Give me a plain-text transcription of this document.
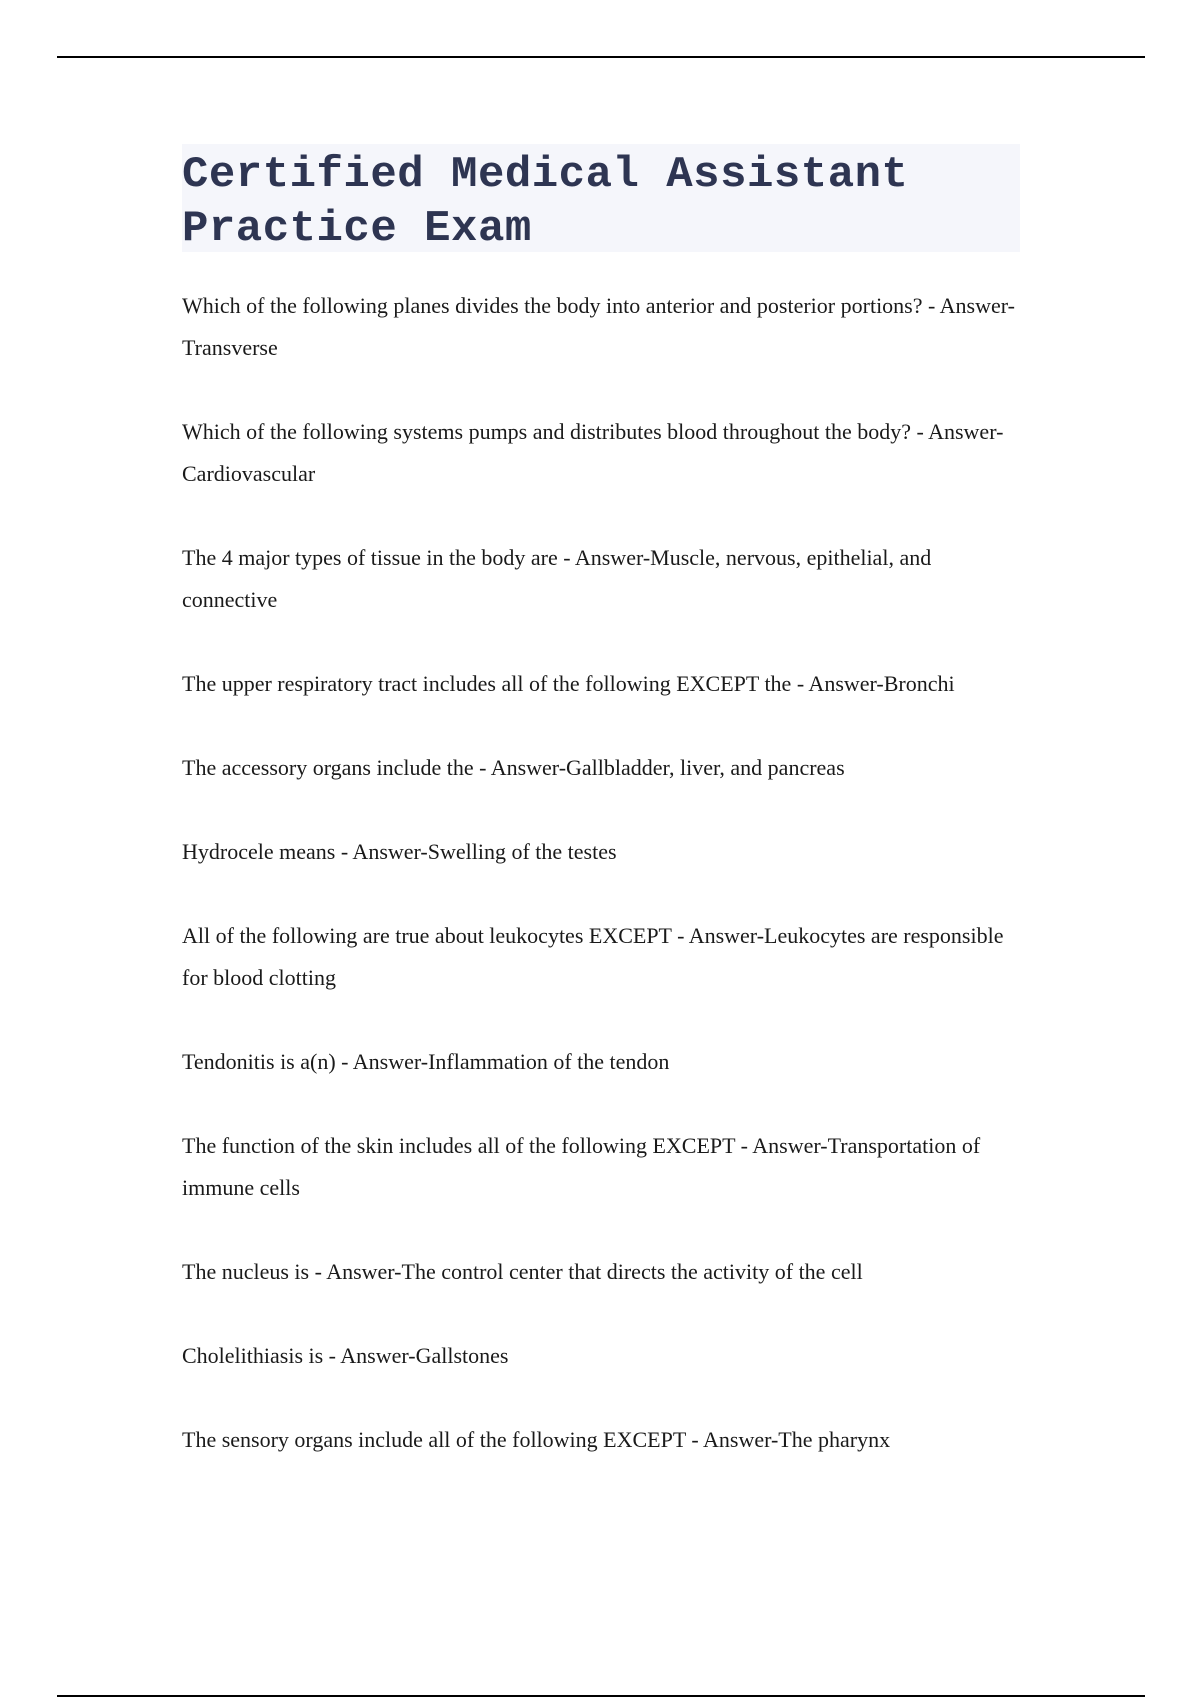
Certified Medical Assistant
Practice Exam
Which of the following planes divides the body into anterior and posterior portions? - Answer-Transverse
Which of the following systems pumps and distributes blood throughout the body? - Answer-Cardiovascular
The 4 major types of tissue in the body are - Answer-Muscle, nervous, epithelial, and connective
The upper respiratory tract includes all of the following EXCEPT the - Answer-Bronchi
The accessory organs include the - Answer-Gallbladder, liver, and pancreas
Hydrocele means - Answer-Swelling of the testes
All of the following are true about leukocytes EXCEPT - Answer-Leukocytes are responsible for blood clotting
Tendonitis is a(n) - Answer-Inflammation of the tendon
The function of the skin includes all of the following EXCEPT - Answer-Transportation of immune cells
The nucleus is - Answer-The control center that directs the activity of the cell
Cholelithiasis is - Answer-Gallstones
The sensory organs include all of the following EXCEPT - Answer-The pharynx
